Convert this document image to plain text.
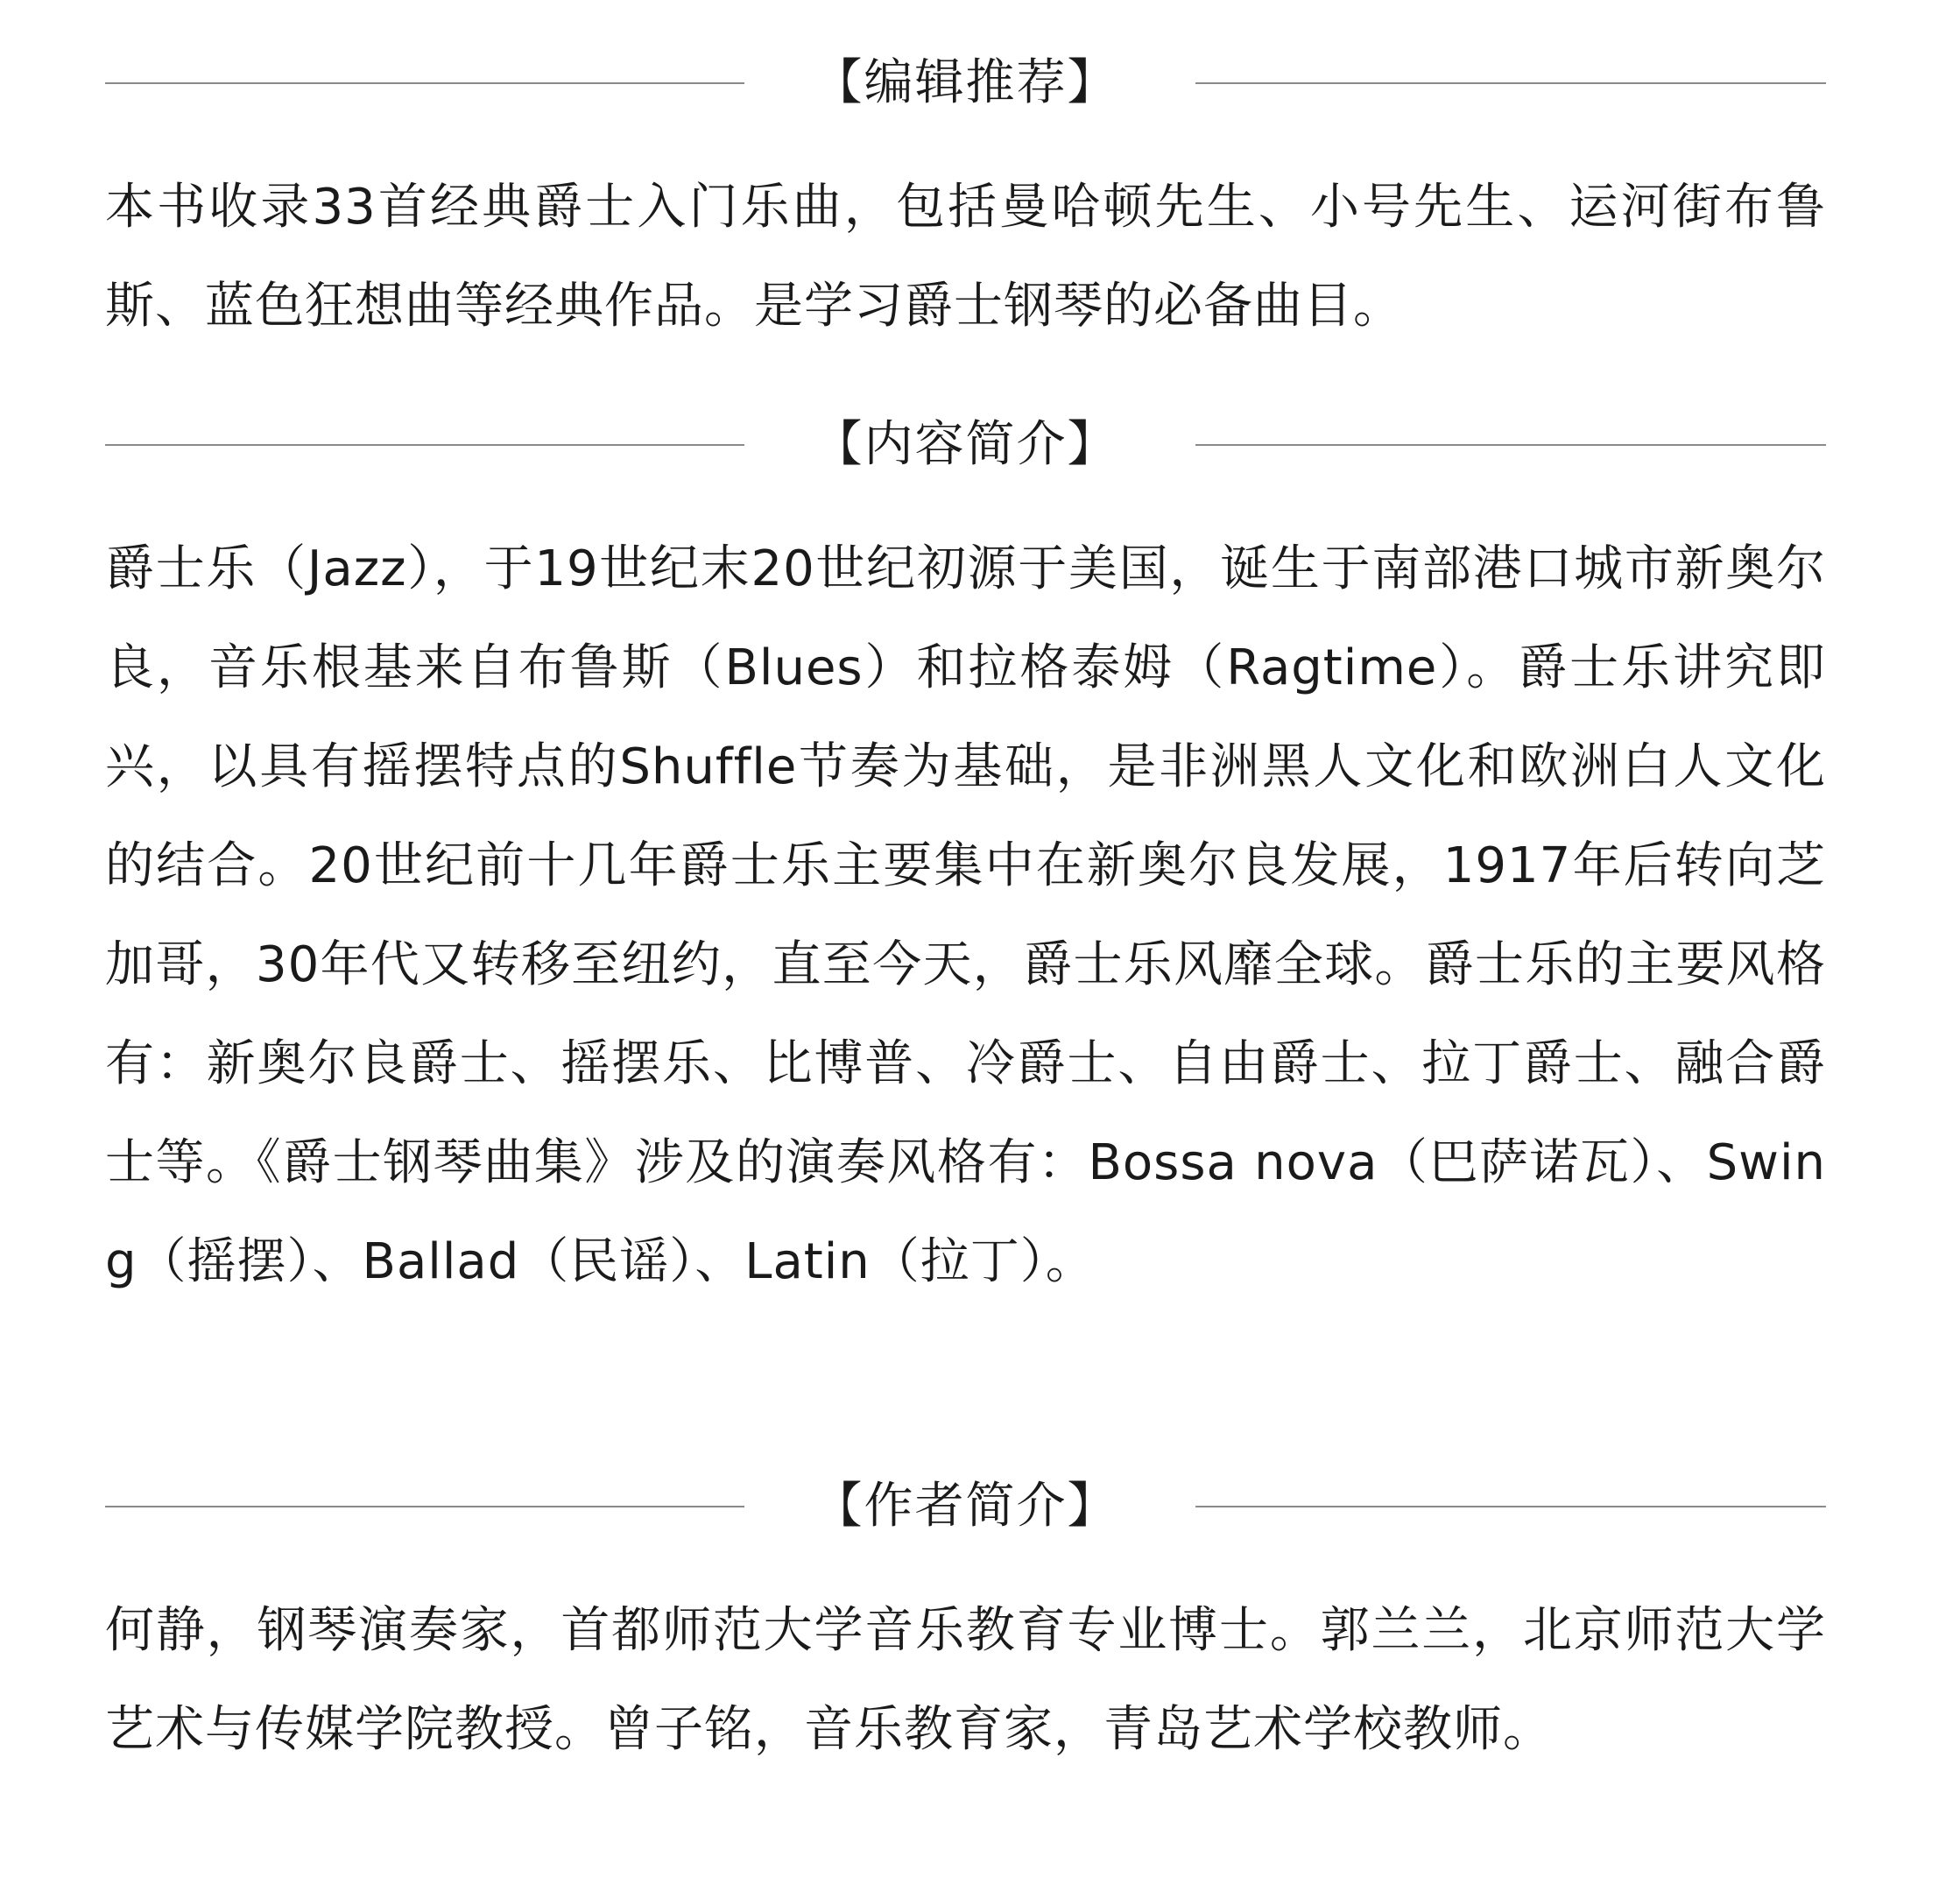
【编辑推荐】

本书收录33首经典爵士入门乐曲，包括曼哈顿先生、小号先生、运河街布鲁斯、蓝色狂想曲等经典作品。是学习爵士钢琴的必备曲目。

【内容简介】

爵士乐（Jazz），于19世纪末20世纪初源于美国，诞生于南部港口城市新奥尔良，音乐根基来自布鲁斯（Blues）和拉格泰姆（Ragtime）。爵士乐讲究即兴，以具有摇摆特点的Shuffle节奏为基础，是非洲黑人文化和欧洲白人文化的结合。20世纪前十几年爵士乐主要集中在新奥尔良发展，1917年后转向芝加哥，30年代又转移至纽约，直至今天，爵士乐风靡全球。爵士乐的主要风格有：新奥尔良爵士、摇摆乐、比博普、冷爵士、自由爵士、拉丁爵士、融合爵士等。《爵士钢琴曲集》涉及的演奏风格有：Bossa nova（巴萨诺瓦）、Swing（摇摆）、Ballad（民谣）、Latin（拉丁）。

【作者简介】

何静，钢琴演奏家，首都师范大学音乐教育专业博士。郭兰兰，北京师范大学艺术与传媒学院教授。曾子铭，音乐教育家，青岛艺术学校教师。
